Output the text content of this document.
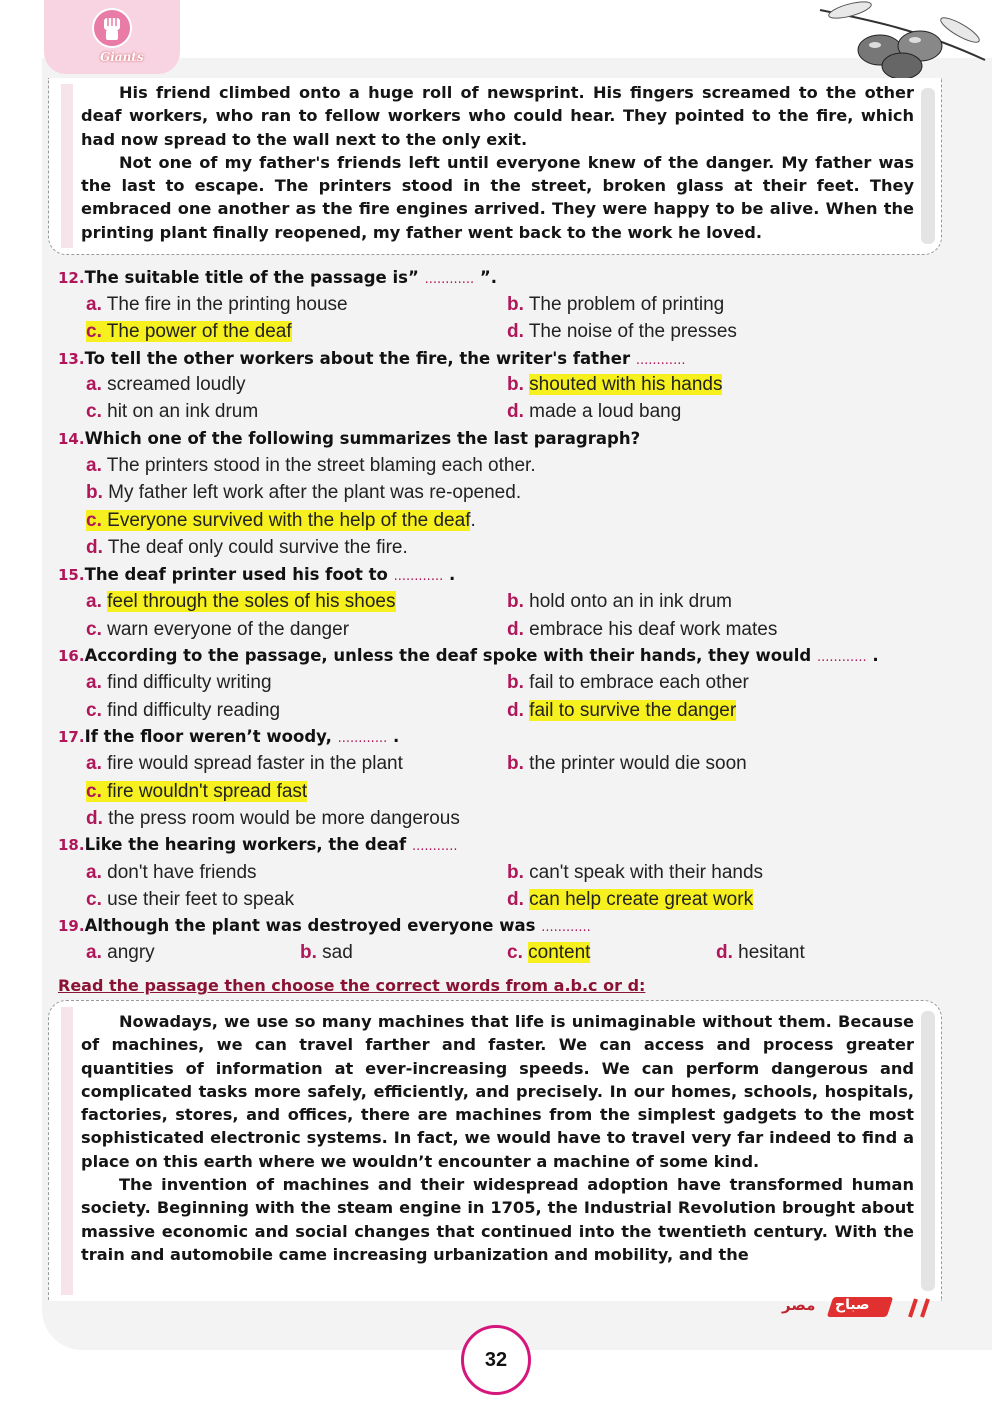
Giants

His friend climbed onto a huge roll of newsprint. His fingers screamed to the other deaf workers, who ran to fellow workers who could hear. They pointed to the fire, which had now spread to the wall next to the only exit.

Not one of my father's friends left until everyone knew of the danger. My father was the last to escape. The printers stood in the street, broken glass at their feet. They embraced one another as the fire engines arrived. They were happy to be alive. When the printing plant finally reopened, my father went back to the work he loved.

12.The suitable title of the passage is” ............ ”.
a. The fire in the printing house	b. The problem of printing
c. The power of the deaf	d. The noise of the presses
13.To tell the other workers about the fire, the writer's father ............
a. screamed loudly	b. shouted with his hands
c. hit on an ink drum	d. made a loud bang
14.Which one of the following summarizes the last paragraph?
a. The printers stood in the street blaming each other.
b. My father left work after the plant was re-opened.
c. Everyone survived with the help of the deaf.
d. The deaf only could survive the fire.
15.The deaf printer used his foot to ............ .
a. feel through the soles of his shoes	b. hold onto an in ink drum
c. warn everyone of the danger	d. embrace his deaf work mates
16.According to the passage, unless the deaf spoke with their hands, they would ............ .
a. find difficulty writing	b. fail to embrace each other
c. find difficulty reading	d. fail to survive the danger
17.If the floor weren’t woody, ............ .
a. fire would spread faster in the plant	b. the printer would die soon
c. fire wouldn't spread fast
d. the press room would be more dangerous
18.Like the hearing workers, the deaf ...........
a. don't have friends	b. can't speak with their hands
c. use their feet to speak	d. can help create great work
19.Although the plant was destroyed everyone was ............
a. angry	b. sad	c. content	d. hesitant
Read the passage then choose the correct words from a.b.c or d:

Nowadays, we use so many machines that life is unimaginable without them. Because of machines, we can travel farther and faster. We can access and process greater quantities of information at ever-increasing speeds. We can perform dangerous and complicated tasks more safely, efficiently, and precisely. In our homes, schools, hospitals, factories, stores, and offices, there are machines from the simplest gadgets to the most sophisticated electronic systems. In fact, we would have to travel very far indeed to find a place on this earth where we wouldn’t encounter a machine of some kind.

The invention of machines and their widespread adoption have transformed human society. Beginning with the steam engine in 1705, the Industrial Revolution brought about massive economic and social changes that continued into the twentieth century. With the train and automobile came increasing urbanization and mobility, and the

مصر صباح
32
